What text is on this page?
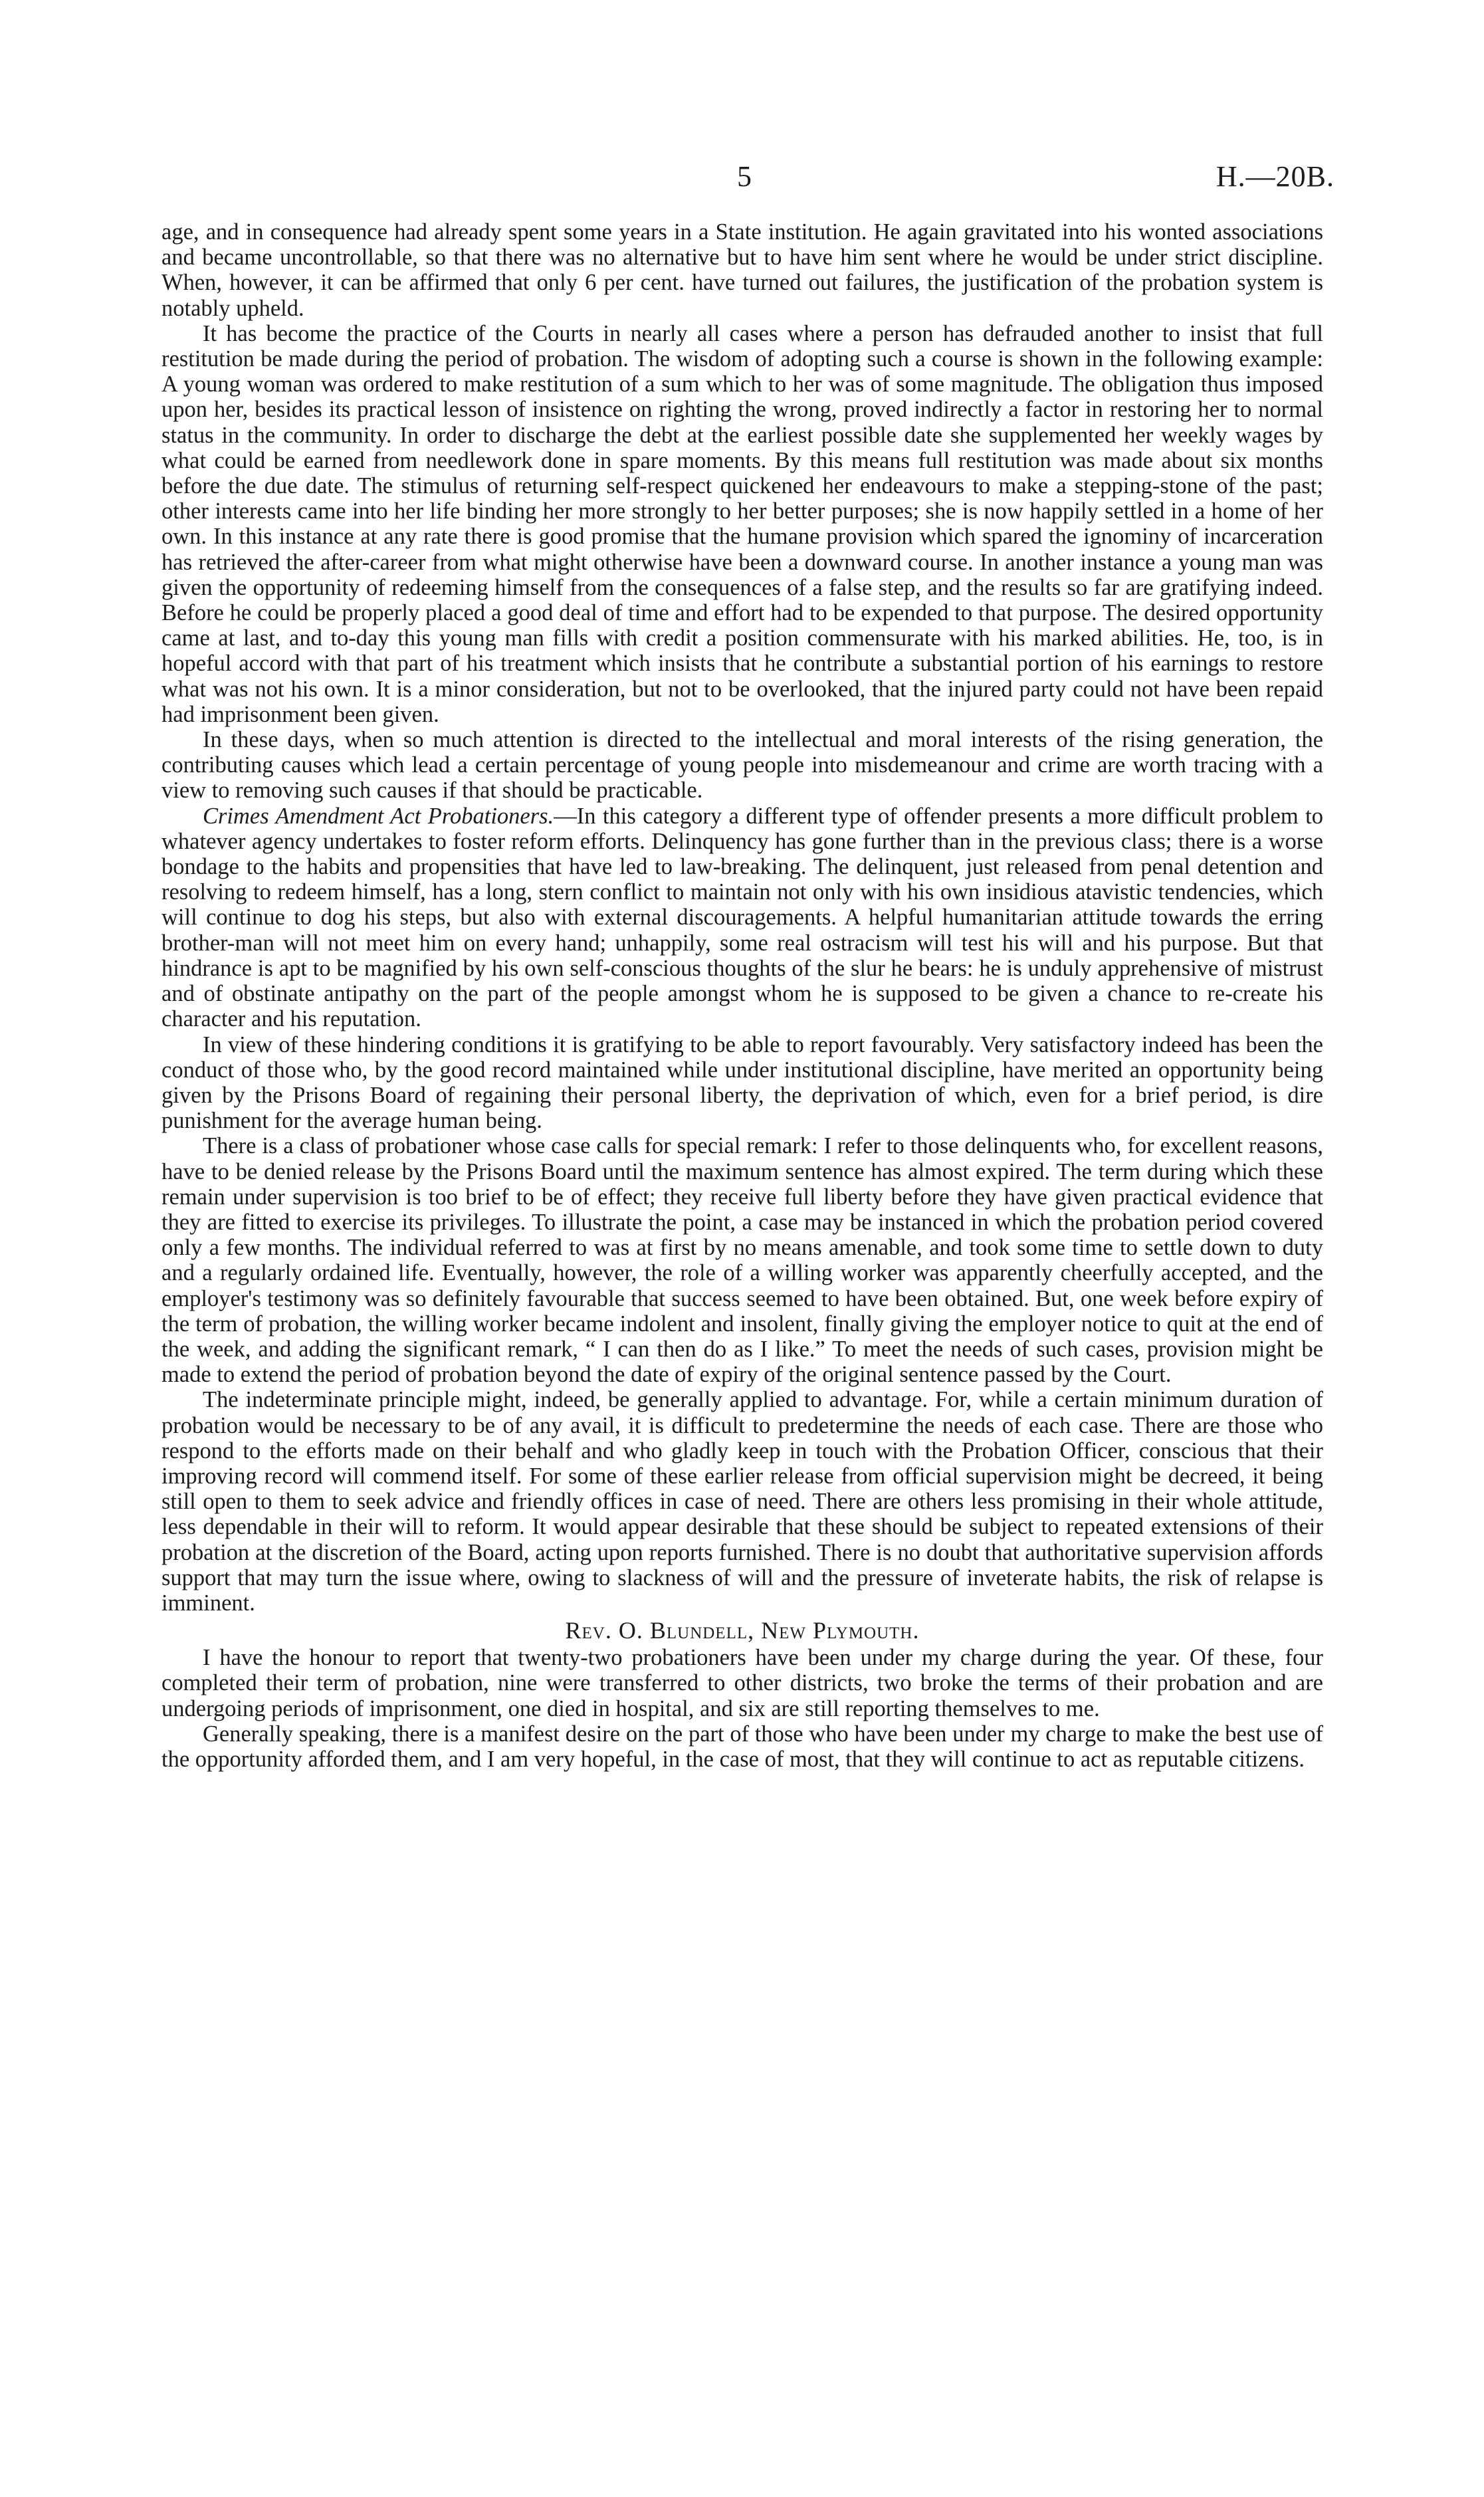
5	H.—20B.

age, and in consequence had already spent some years in a State institution. He again gravitated into his wonted associations and became uncontrollable, so that there was no alternative but to have him sent where he would be under strict discipline. When, however, it can be affirmed that only 6 per cent. have turned out failures, the justification of the probation system is notably upheld.

It has become the practice of the Courts in nearly all cases where a person has defrauded another to insist that full restitution be made during the period of probation. The wisdom of adopting such a course is shown in the following example: A young woman was ordered to make restitution of a sum which to her was of some magnitude. The obligation thus imposed upon her, besides its practical lesson of insistence on righting the wrong, proved indirectly a factor in restoring her to normal status in the community. In order to discharge the debt at the earliest possible date she supplemented her weekly wages by what could be earned from needlework done in spare moments. By this means full restitution was made about six months before the due date. The stimulus of returning self-respect quickened her endeavours to make a stepping-stone of the past; other interests came into her life binding her more strongly to her better purposes; she is now happily settled in a home of her own. In this instance at any rate there is good promise that the humane provision which spared the ignominy of incarceration has retrieved the after-career from what might otherwise have been a downward course. In another instance a young man was given the opportunity of redeeming himself from the consequences of a false step, and the results so far are gratifying indeed. Before he could be properly placed a good deal of time and effort had to be expended to that purpose. The desired opportunity came at last, and to-day this young man fills with credit a position commensurate with his marked abilities. He, too, is in hopeful accord with that part of his treatment which insists that he contribute a substantial portion of his earnings to restore what was not his own. It is a minor consideration, but not to be overlooked, that the injured party could not have been repaid had imprisonment been given.

In these days, when so much attention is directed to the intellectual and moral interests of the rising generation, the contributing causes which lead a certain percentage of young people into misdemeanour and crime are worth tracing with a view to removing such causes if that should be practicable.

Crimes Amendment Act Probationers.—In this category a different type of offender presents a more difficult problem to whatever agency undertakes to foster reform efforts. Delinquency has gone further than in the previous class; there is a worse bondage to the habits and propensities that have led to law-breaking. The delinquent, just released from penal detention and resolving to redeem himself, has a long, stern conflict to maintain not only with his own insidious atavistic tendencies, which will continue to dog his steps, but also with external discouragements. A helpful humanitarian attitude towards the erring brother-man will not meet him on every hand; unhappily, some real ostracism will test his will and his purpose. But that hindrance is apt to be magnified by his own self-conscious thoughts of the slur he bears: he is unduly apprehensive of mistrust and of obstinate antipathy on the part of the people amongst whom he is supposed to be given a chance to re-create his character and his reputation.

In view of these hindering conditions it is gratifying to be able to report favourably. Very satisfactory indeed has been the conduct of those who, by the good record maintained while under institutional discipline, have merited an opportunity being given by the Prisons Board of regaining their personal liberty, the deprivation of which, even for a brief period, is dire punishment for the average human being.

There is a class of probationer whose case calls for special remark: I refer to those delinquents who, for excellent reasons, have to be denied release by the Prisons Board until the maximum sentence has almost expired. The term during which these remain under supervision is too brief to be of effect; they receive full liberty before they have given practical evidence that they are fitted to exercise its privileges. To illustrate the point, a case may be instanced in which the probation period covered only a few months. The individual referred to was at first by no means amenable, and took some time to settle down to duty and a regularly ordained life. Eventually, however, the role of a willing worker was apparently cheerfully accepted, and the employer's testimony was so definitely favourable that success seemed to have been obtained. But, one week before expiry of the term of probation, the willing worker became indolent and insolent, finally giving the employer notice to quit at the end of the week, and adding the significant remark, “ I can then do as I like.” To meet the needs of such cases, provision might be made to extend the period of probation beyond the date of expiry of the original sentence passed by the Court.

The indeterminate principle might, indeed, be generally applied to advantage. For, while a certain minimum duration of probation would be necessary to be of any avail, it is difficult to predetermine the needs of each case. There are those who respond to the efforts made on their behalf and who gladly keep in touch with the Probation Officer, conscious that their improving record will commend itself. For some of these earlier release from official supervision might be decreed, it being still open to them to seek advice and friendly offices in case of need. There are others less promising in their whole attitude, less dependable in their will to reform. It would appear desirable that these should be subject to repeated extensions of their probation at the discretion of the Board, acting upon reports furnished. There is no doubt that authoritative supervision affords support that may turn the issue where, owing to slackness of will and the pressure of inveterate habits, the risk of relapse is imminent.

Rev. O. Blundell, New Plymouth.

I have the honour to report that twenty-two probationers have been under my charge during the year. Of these, four completed their term of probation, nine were transferred to other districts, two broke the terms of their probation and are undergoing periods of imprisonment, one died in hospital, and six are still reporting themselves to me.

Generally speaking, there is a manifest desire on the part of those who have been under my charge to make the best use of the opportunity afforded them, and I am very hopeful, in the case of most, that they will continue to act as reputable citizens.
